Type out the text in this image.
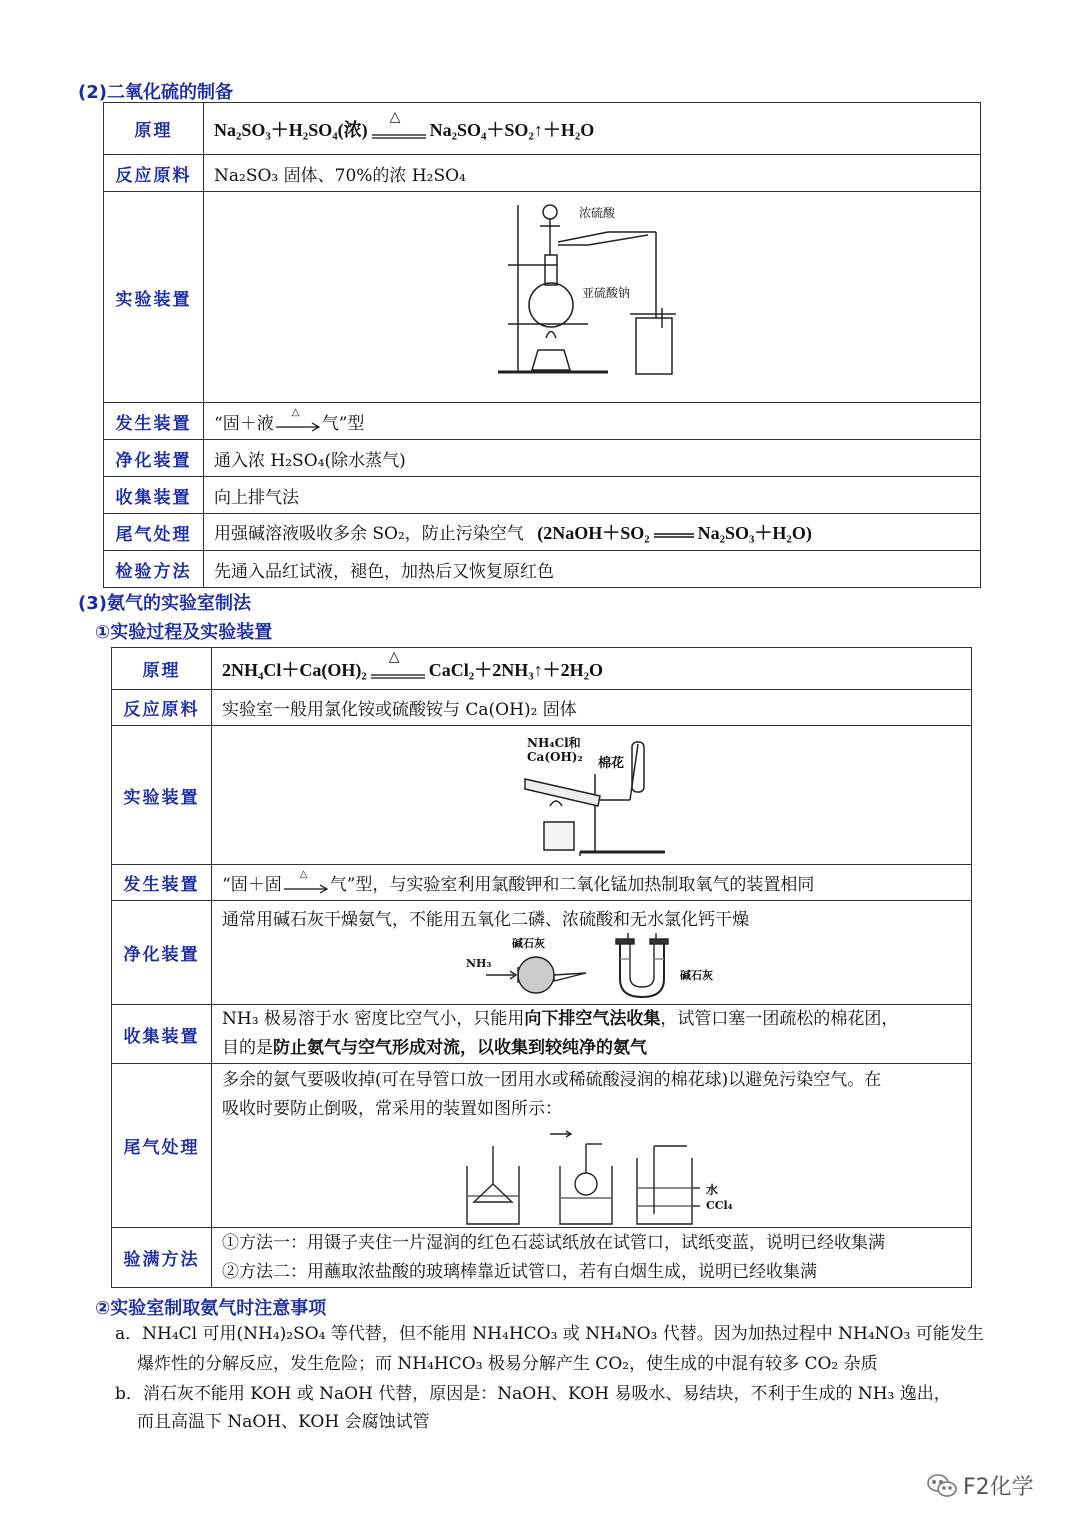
(2)二氧化硫的制备
原理	Na₂SO₃＋H₂SO₄(浓)
△
Na₂SO₄＋SO₂↑＋H₂O
反应原料	Na₂SO₃ 固体、70%的浓 H₂SO₄
实验装置	浓硫酸
亚硫酸钠

发生装置	“固＋液
△
气”型
净化装置	通入浓 H₂SO₄(除水蒸气)
收集装置	向上排气法
尾气处理	用强碱溶液吸收多余 SO₂，防止污染空气 (2NaOH＋SO₂ Na₂SO₃＋H₂O)
检验方法	先通入品红试液，褪色，加热后又恢复原红色
(3)氨气的实验室制法
①实验过程及实验装置
原理	2NH₄Cl＋Ca(OH)₂
△
CaCl₂＋2NH₃↑＋2H₂O
反应原料	实验室一般用氯化铵或硫酸铵与 Ca(OH)₂ 固体
实验装置	NH₄Cl和
Ca(OH)₂ 棉花

发生装置	“固＋固
△
气”型，与实验室利用氯酸钾和二氧化锰加热制取氧气的装置相同
净化装置	通常用碱石灰干燥氨气，不能用五氧化二磷、浓硫酸和无水氯化钙干燥
NH₃
碱石灰
碱石灰

收集装置	NH₃ 极易溶于水 密度比空气小，只能用向下排空气法收集，试管口塞一团疏松的棉花团，
目的是防止氨气与空气形成对流，以收集到较纯净的氨气

尾气处理	多余的氨气要吸收掉(可在导管口放一团用水或稀硫酸浸润的棉花球)以避免污染空气。在
吸收时要防止倒吸，常采用的装置如图所示：
水
CCl₄

验满方法	①方法一：用镊子夹住一片湿润的红色石蕊试纸放在试管口，试纸变蓝，说明已经收集满
②方法二：用蘸取浓盐酸的玻璃棒靠近试管口，若有白烟生成，说明已经收集满
②实验室制取氨气时注意事项
a．NH₄Cl 可用(NH₄)₂SO₄ 等代替，但不能用 NH₄HCO₃ 或 NH₄NO₃ 代替。因为加热过程中 NH₄NO₃ 可能发生
爆炸性的分解反应，发生危险；而 NH₄HCO₃ 极易分解产生 CO₂，使生成的中混有较多 CO₂ 杂质
b．消石灰不能用 KOH 或 NaOH 代替，原因是：NaOH、KOH 易吸水、易结块，不利于生成的 NH₃ 逸出，
而且高温下 NaOH、KOH 会腐蚀试管
F2化学
